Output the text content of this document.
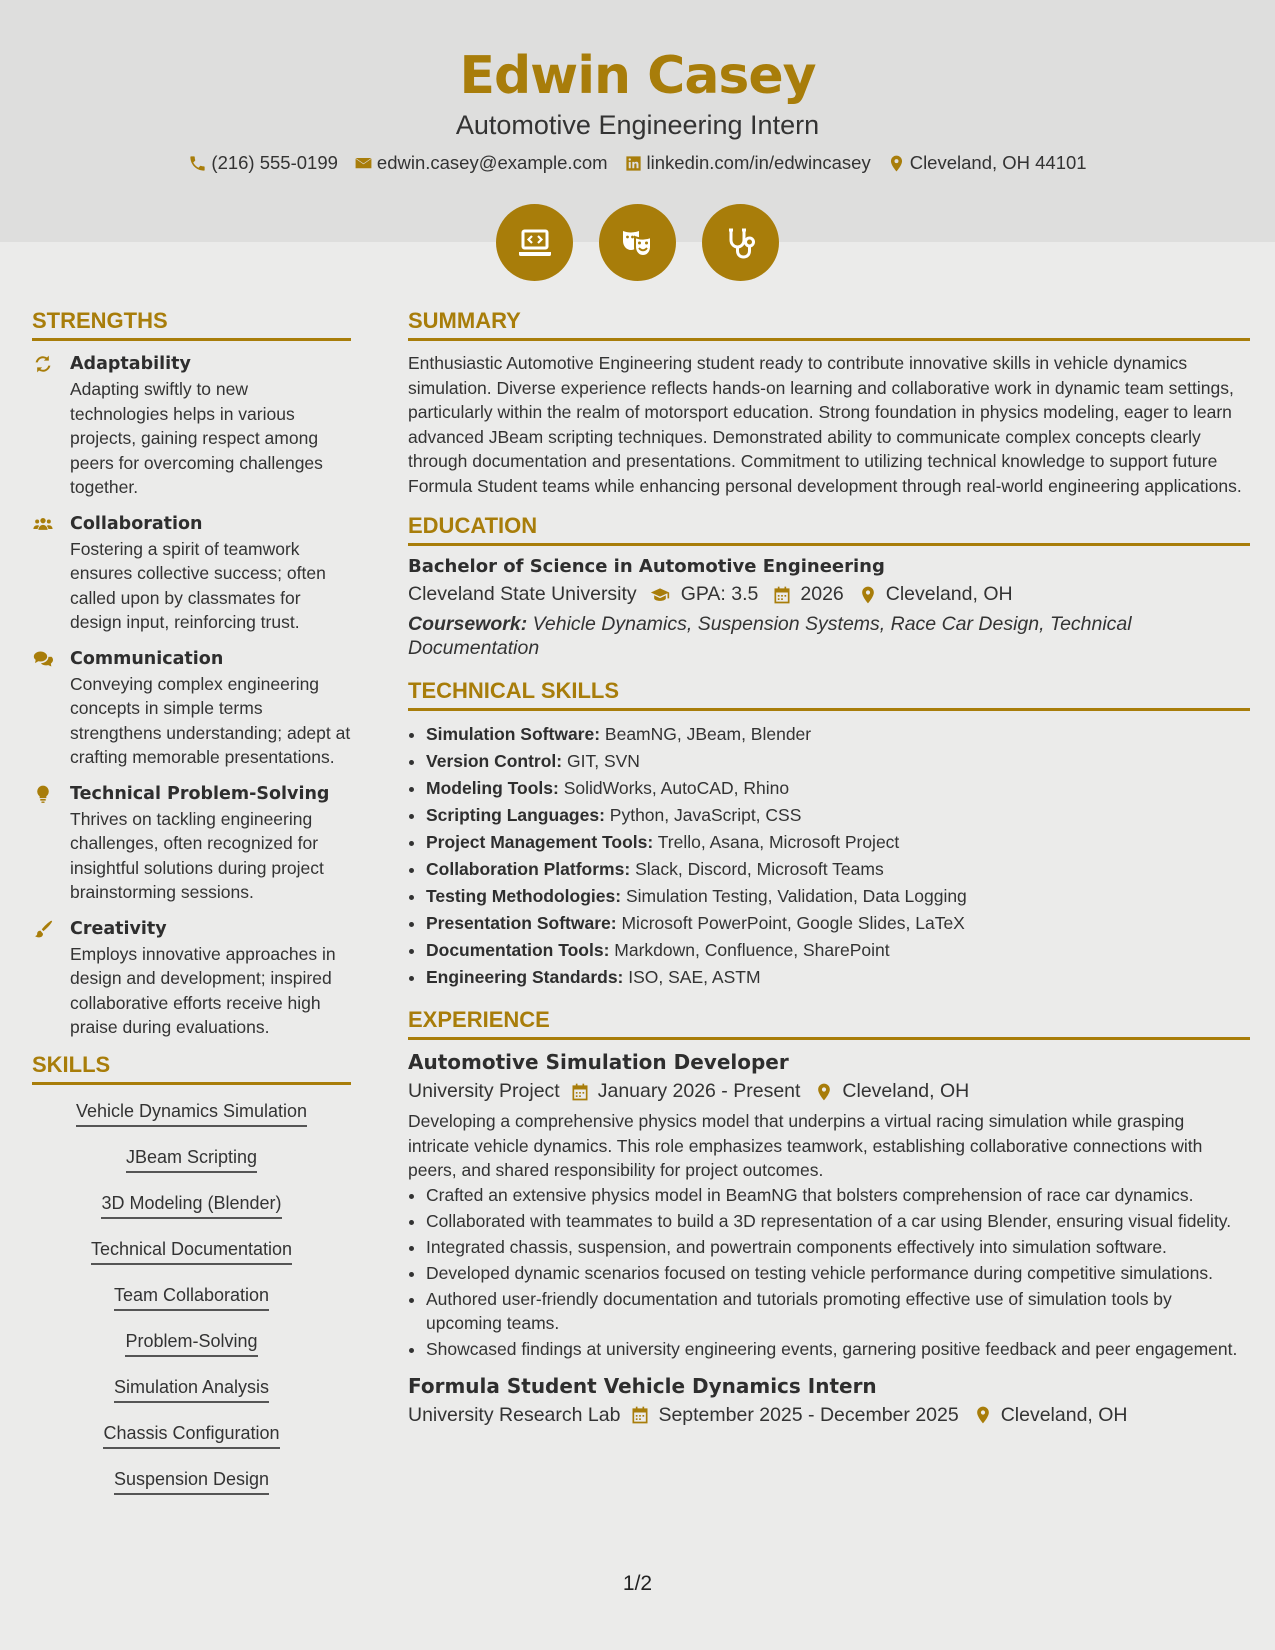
Edwin Casey
Automotive Engineering Intern
(216) 555-0199 edwin.casey@example.com linkedin.com/in/edwincasey Cleveland, OH 44101
STRENGTHS
Adaptability
Adapting swiftly to new technologies helps in various projects, gaining respect among peers for overcoming challenges together.
Collaboration
Fostering a spirit of teamwork ensures collective success; often called upon by classmates for design input, reinforcing trust.
Communication
Conveying complex engineering concepts in simple terms strengthens understanding; adept at crafting memorable presentations.
Technical Problem-Solving
Thrives on tackling engineering challenges, often recognized for insightful solutions during project brainstorming sessions.
Creativity
Employs innovative approaches in design and development; inspired collaborative efforts receive high praise during evaluations.
SKILLS
Vehicle Dynamics Simulation
JBeam Scripting
3D Modeling (Blender)
Technical Documentation
Team Collaboration
Problem-Solving
Simulation Analysis
Chassis Configuration
Suspension Design
SUMMARY
Enthusiastic Automotive Engineering student ready to contribute innovative skills in vehicle dynamics simulation. Diverse experience reflects hands-on learning and collaborative work in dynamic team settings, particularly within the realm of motorsport education. Strong foundation in physics modeling, eager to learn advanced JBeam scripting techniques. Demonstrated ability to communicate complex concepts clearly through documentation and presentations. Commitment to utilizing technical knowledge to support future Formula Student teams while enhancing personal development through real-world engineering applications.
EDUCATION
Bachelor of Science in Automotive Engineering
Cleveland State University GPA: 3.5 2026 Cleveland, OH
Coursework: Vehicle Dynamics, Suspension Systems, Race Car Design, Technical Documentation
TECHNICAL SKILLS
• Simulation Software: BeamNG, JBeam, Blender
• Version Control: GIT, SVN
• Modeling Tools: SolidWorks, AutoCAD, Rhino
• Scripting Languages: Python, JavaScript, CSS
• Project Management Tools: Trello, Asana, Microsoft Project
• Collaboration Platforms: Slack, Discord, Microsoft Teams
• Testing Methodologies: Simulation Testing, Validation, Data Logging
• Presentation Software: Microsoft PowerPoint, Google Slides, LaTeX
• Documentation Tools: Markdown, Confluence, SharePoint
• Engineering Standards: ISO, SAE, ASTM
EXPERIENCE
Automotive Simulation Developer
University Project January 2026 - Present Cleveland, OH
Developing a comprehensive physics model that underpins a virtual racing simulation while grasping intricate vehicle dynamics. This role emphasizes teamwork, establishing collaborative connections with peers, and shared responsibility for project outcomes.
• Crafted an extensive physics model in BeamNG that bolsters comprehension of race car dynamics.
• Collaborated with teammates to build a 3D representation of a car using Blender, ensuring visual fidelity.
• Integrated chassis, suspension, and powertrain components effectively into simulation software.
• Developed dynamic scenarios focused on testing vehicle performance during competitive simulations.
• Authored user-friendly documentation and tutorials promoting effective use of simulation tools by upcoming teams.
• Showcased findings at university engineering events, garnering positive feedback and peer engagement.
Formula Student Vehicle Dynamics Intern
University Research Lab September 2025 - December 2025 Cleveland, OH
1/2
